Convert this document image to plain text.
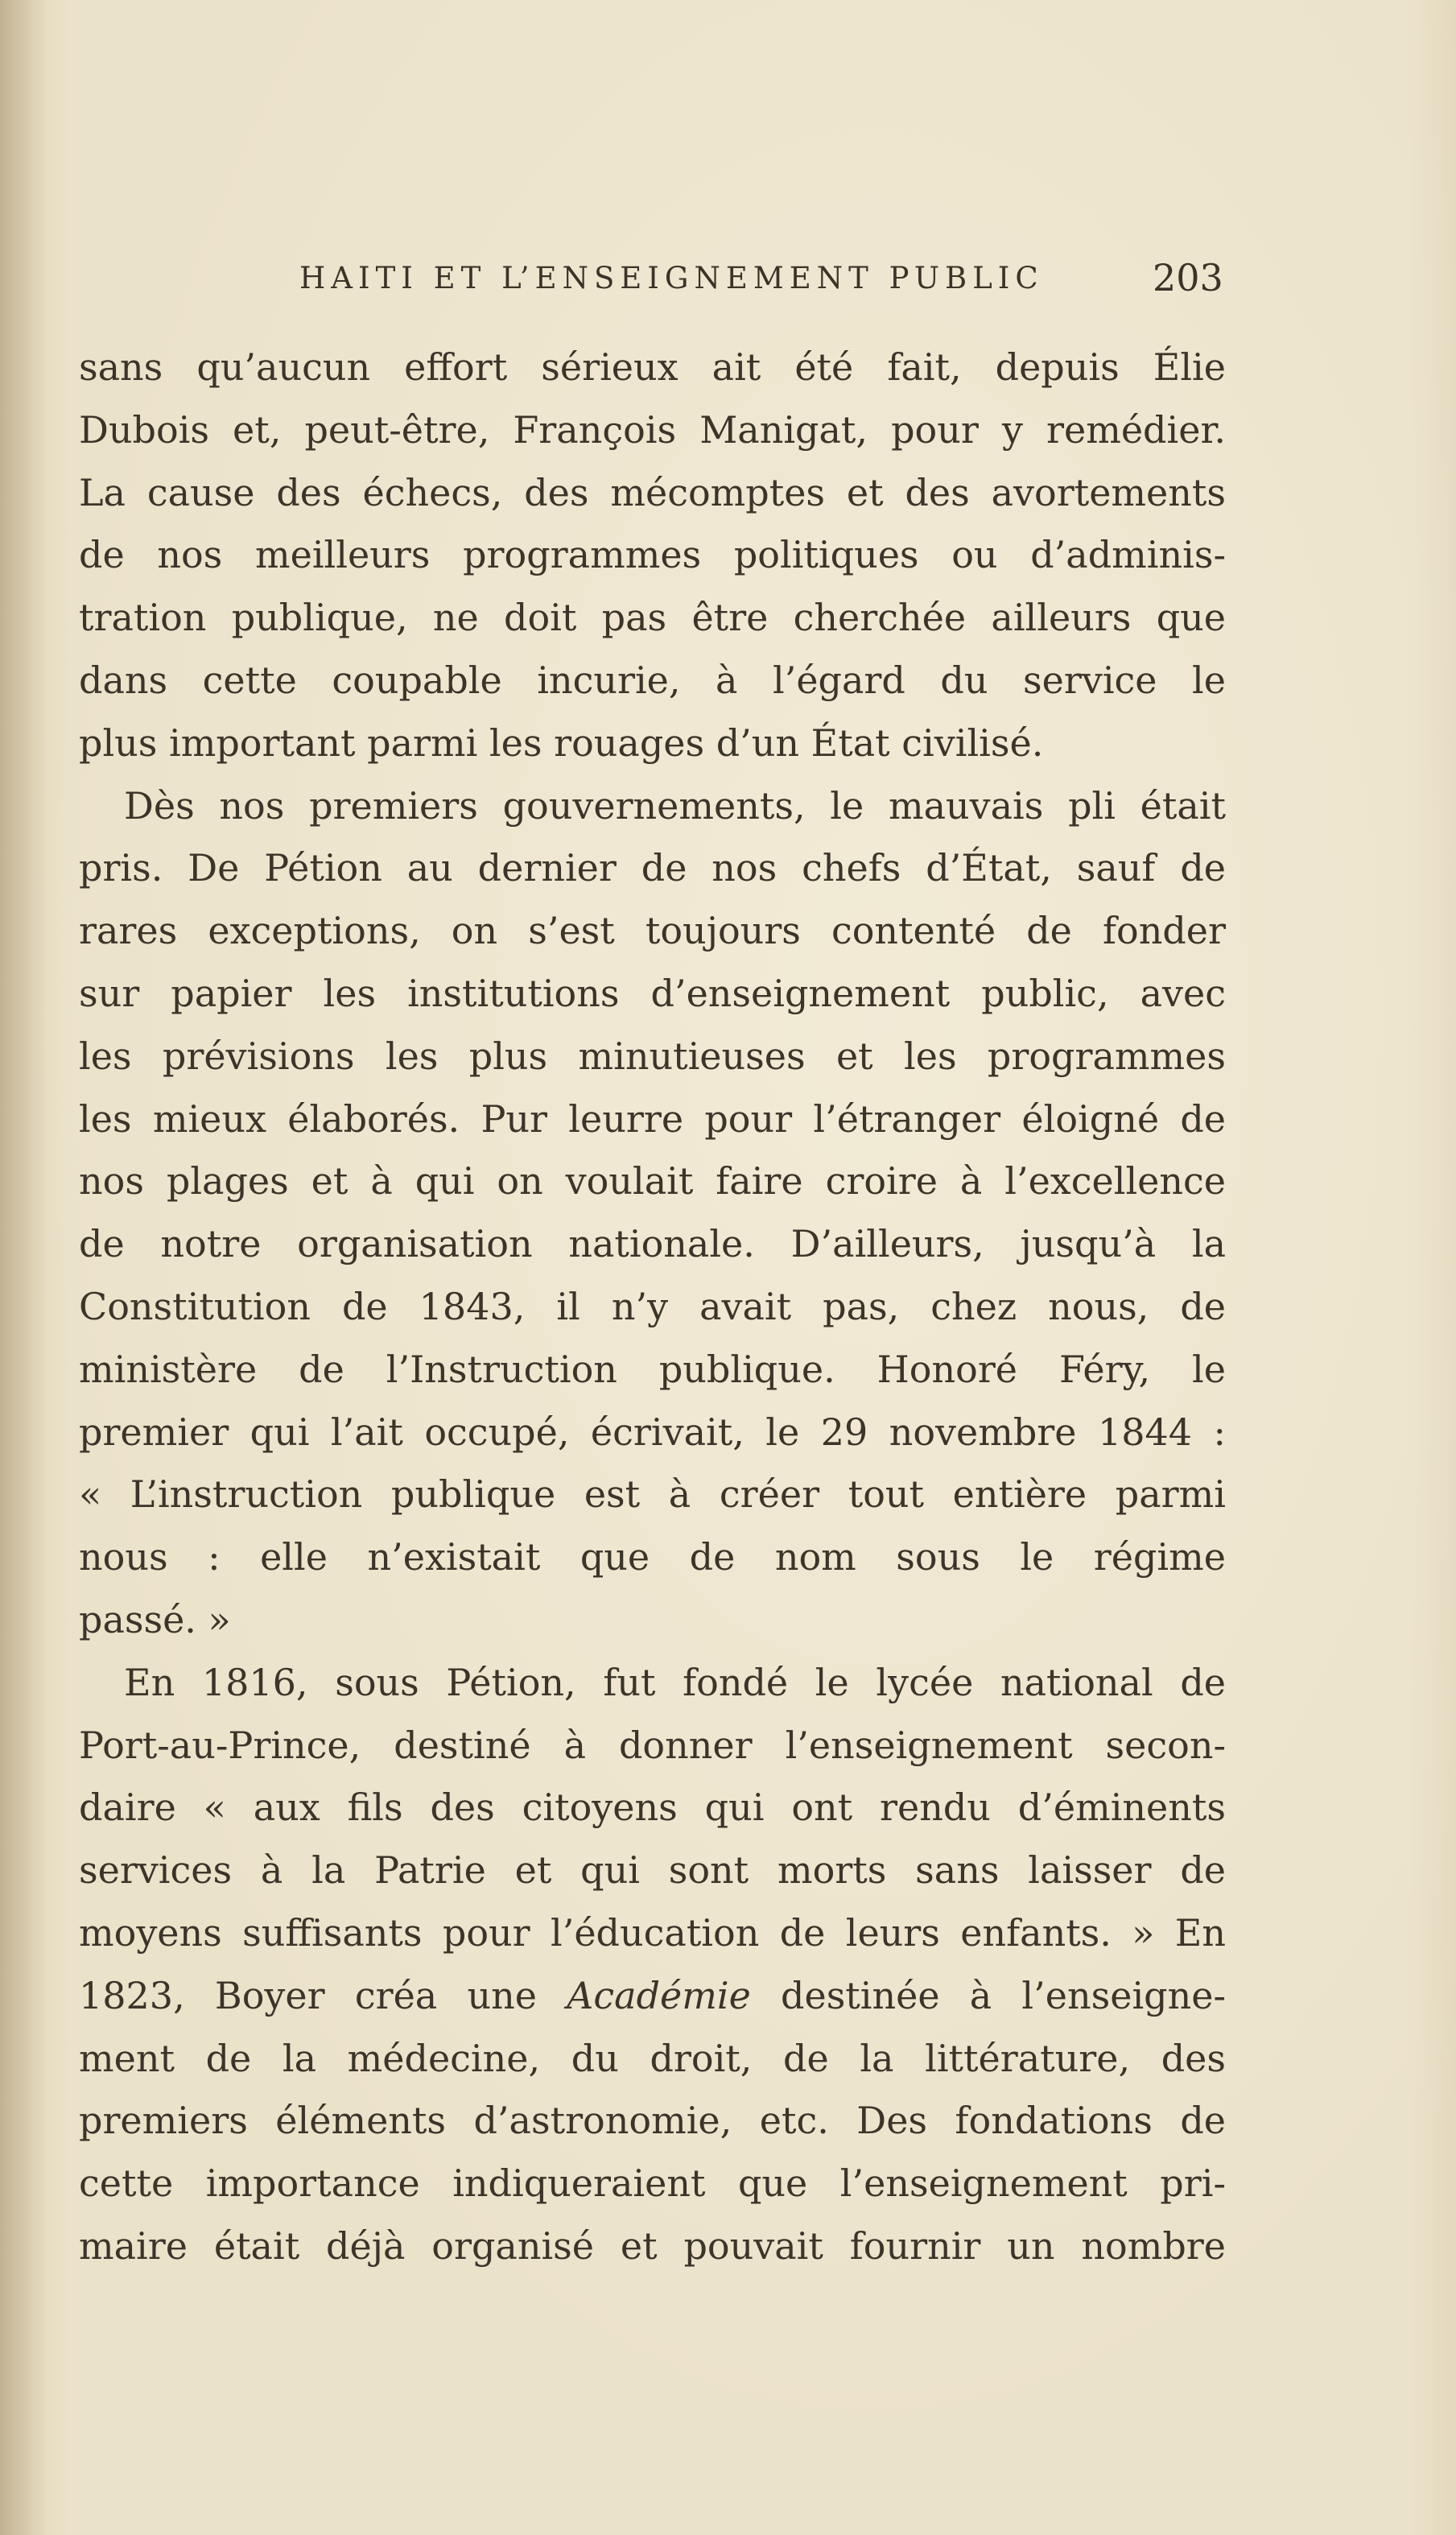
HAITI ET L’ENSEIGNEMENT PUBLIC	203
sans qu’aucun effort sérieux ait été fait, depuis Élie
Dubois et, peut-être, François Manigat, pour y remédier.
La cause des échecs, des mécomptes et des avortements
de nos meilleurs programmes politiques ou d’adminis-
tration publique, ne doit pas être cherchée ailleurs que
dans cette coupable incurie, à l’égard du service le
plus important parmi les rouages d’un État civilisé.
Dès nos premiers gouvernements, le mauvais pli était
pris. De Pétion au dernier de nos chefs d’État, sauf de
rares exceptions, on s’est toujours contenté de fonder
sur papier les institutions d’enseignement public, avec
les prévisions les plus minutieuses et les programmes
les mieux élaborés. Pur leurre pour l’étranger éloigné de
nos plages et à qui on voulait faire croire à l’excellence
de notre organisation nationale. D’ailleurs, jusqu’à la
Constitution de 1843, il n’y avait pas, chez nous, de
ministère de l’Instruction publique. Honoré Féry, le
premier qui l’ait occupé, écrivait, le 29 novembre 1844 :
« L’instruction publique est à créer tout entière parmi
nous : elle n’existait que de nom sous le régime
passé. »
En 1816, sous Pétion, fut fondé le lycée national de
Port-au-Prince, destiné à donner l’enseignement secon-
daire « aux fils des citoyens qui ont rendu d’éminents
services à la Patrie et qui sont morts sans laisser de
moyens suffisants pour l’éducation de leurs enfants. » En
1823, Boyer créa une Académie destinée à l’enseigne-
ment de la médecine, du droit, de la littérature, des
premiers éléments d’astronomie, etc. Des fondations de
cette importance indiqueraient que l’enseignement pri-
maire était déjà organisé et pouvait fournir un nombre
